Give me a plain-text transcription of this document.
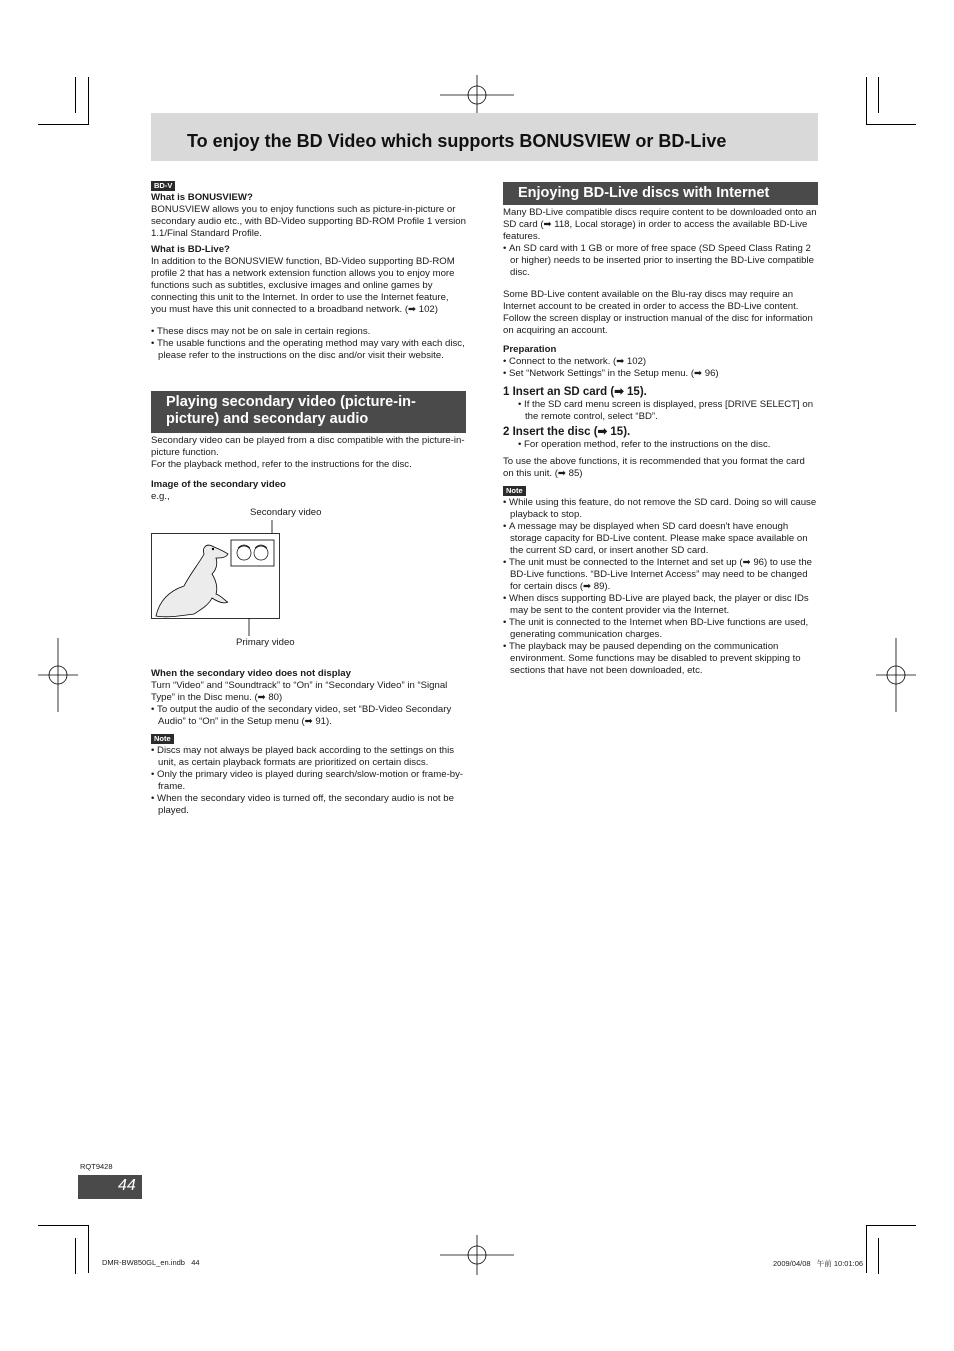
To enjoy the BD Video which supports BONUSVIEW or BD-Live
BD-V

What is BONUSVIEW?

BONUSVIEW allows you to enjoy functions such as picture-in-picture or secondary audio etc., with BD-Video supporting BD-ROM Profile 1 version 1.1/Final Standard Profile.

What is BD-Live?

In addition to the BONUSVIEW function, BD-Video supporting BD-ROM profile 2 that has a network extension function allows you to enjoy more functions such as subtitles, exclusive images and online games by connecting this unit to the Internet. In order to use the Internet feature, you must have this unit connected to a broadband network. (➡ 102)

• These discs may not be on sale in certain regions.

• The usable functions and the operating method may vary with each disc, please refer to the instructions on the disc and/or visit their website.

Playing secondary video (picture-in-picture) and secondary audio

Secondary video can be played from a disc compatible with the picture-in-picture function.

For the playback method, refer to the instructions for the disc.

Image of the secondary video

e.g.,

Secondary video
Primary video

When the secondary video does not display

Turn “Video” and “Soundtrack” to “On” in “Secondary Video” in “Signal Type” in the Disc menu. (➡ 80)

• To output the audio of the secondary video, set “BD-Video Secondary Audio” to “On” in the Setup menu (➡ 91).

Note

• Discs may not always be played back according to the settings on this unit, as certain playback formats are prioritized on certain discs.

• Only the primary video is played during search/slow-motion or frame-by-frame.

• When the secondary video is turned off, the secondary audio is not be played.

Enjoying BD-Live discs with Internet

Many BD-Live compatible discs require content to be downloaded onto an SD card (➡ 118, Local storage) in order to access the available BD-Live features.

• An SD card with 1 GB or more of free space (SD Speed Class Rating 2 or higher) needs to be inserted prior to inserting the BD-Live compatible disc.

Some BD-Live content available on the Blu-ray discs may require an Internet account to be created in order to access the BD-Live content. Follow the screen display or instruction manual of the disc for information on acquiring an account.

Preparation

• Connect to the network. (➡ 102)

• Set “Network Settings” in the Setup menu. (➡ 96)

1 Insert an SD card (➡ 15).

• If the SD card menu screen is displayed, press [DRIVE SELECT] on the remote control, select “BD”.

2 Insert the disc (➡ 15).

• For operation method, refer to the instructions on the disc.

To use the above functions, it is recommended that you format the card on this unit. (➡ 85)

Note

• While using this feature, do not remove the SD card. Doing so will cause playback to stop.

• A message may be displayed when SD card doesn't have enough storage capacity for BD-Live content. Please make space available on the current SD card, or insert another SD card.

• The unit must be connected to the Internet and set up (➡ 96) to use the BD-Live functions. “BD-Live Internet Access” may need to be changed for certain discs (➡ 89).

• When discs supporting BD-Live are played back, the player or disc IDs may be sent to the content provider via the Internet.

• The unit is connected to the Internet when BD-Live functions are used, generating communication charges.

• The playback may be paused depending on the communication environment. Some functions may be disabled to prevent skipping to sections that have not been downloaded, etc.

RQT9428
44
DMR-BW850GL_en.indb   44	2009/04/08   午前 10:01:06
